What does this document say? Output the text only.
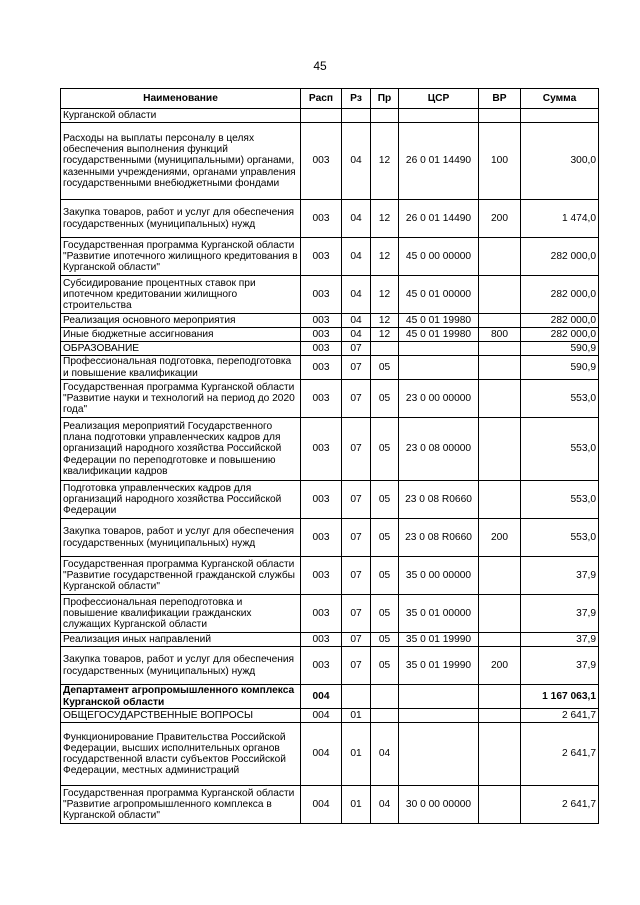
45
Наименование	Расп	Рз	Пр	ЦСР	ВР	Сумма
Курганской области						
Расходы на выплаты персоналу в целях обеспечения выполнения функций государственными (муниципальными) органами, казенными учреждениями, органами управления государственными внебюджетными фондами	003	04	12	26 0 01 14490	100	300,0
Закупка товаров, работ и услуг для обеспечения государственных (муниципальных) нужд	003	04	12	26 0 01 14490	200	1 474,0
Государственная программа Курганской области "Развитие ипотечного жилищного кредитования в Курганской области"	003	04	12	45 0 00 00000		282 000,0
Субсидирование процентных ставок при ипотечном кредитовании жилищного строительства	003	04	12	45 0 01 00000		282 000,0
Реализация основного мероприятия	003	04	12	45 0 01 19980		282 000,0
Иные бюджетные ассигнования	003	04	12	45 0 01 19980	800	282 000,0
ОБРАЗОВАНИЕ	003	07				590,9
Профессиональная подготовка, переподготовка и повышение квалификации	003	07	05			590,9
Государственная программа Курганской области "Развитие науки и технологий на период до 2020 года"	003	07	05	23 0 00 00000		553,0
Реализация мероприятий Государственного плана подготовки управленческих кадров для организаций народного хозяйства Российской Федерации по переподготовке и повышению квалификации кадров	003	07	05	23 0 08 00000		553,0
Подготовка управленческих кадров для организаций народного хозяйства Российской Федерации	003	07	05	23 0 08 R0660		553,0
Закупка товаров, работ и услуг для обеспечения государственных (муниципальных) нужд	003	07	05	23 0 08 R0660	200	553,0
Государственная программа Курганской области "Развитие государственной гражданской службы Курганской области"	003	07	05	35 0 00 00000		37,9
Профессиональная переподготовка и повышение квалификации гражданских служащих Курганской области	003	07	05	35 0 01 00000		37,9
Реализация иных направлений	003	07	05	35 0 01 19990		37,9
Закупка товаров, работ и услуг для обеспечения государственных (муниципальных) нужд	003	07	05	35 0 01 19990	200	37,9
Департамент агропромышленного комплекса Курганской области	004					1 167 063,1
ОБЩЕГОСУДАРСТВЕННЫЕ ВОПРОСЫ	004	01				2 641,7
Функционирование Правительства Российской Федерации, высших исполнительных органов государственной власти субъектов Российской Федерации, местных администраций	004	01	04			2 641,7
Государственная программа Курганской области "Развитие агропромышленного комплекса в Курганской области"	004	01	04	30 0 00 00000		2 641,7
